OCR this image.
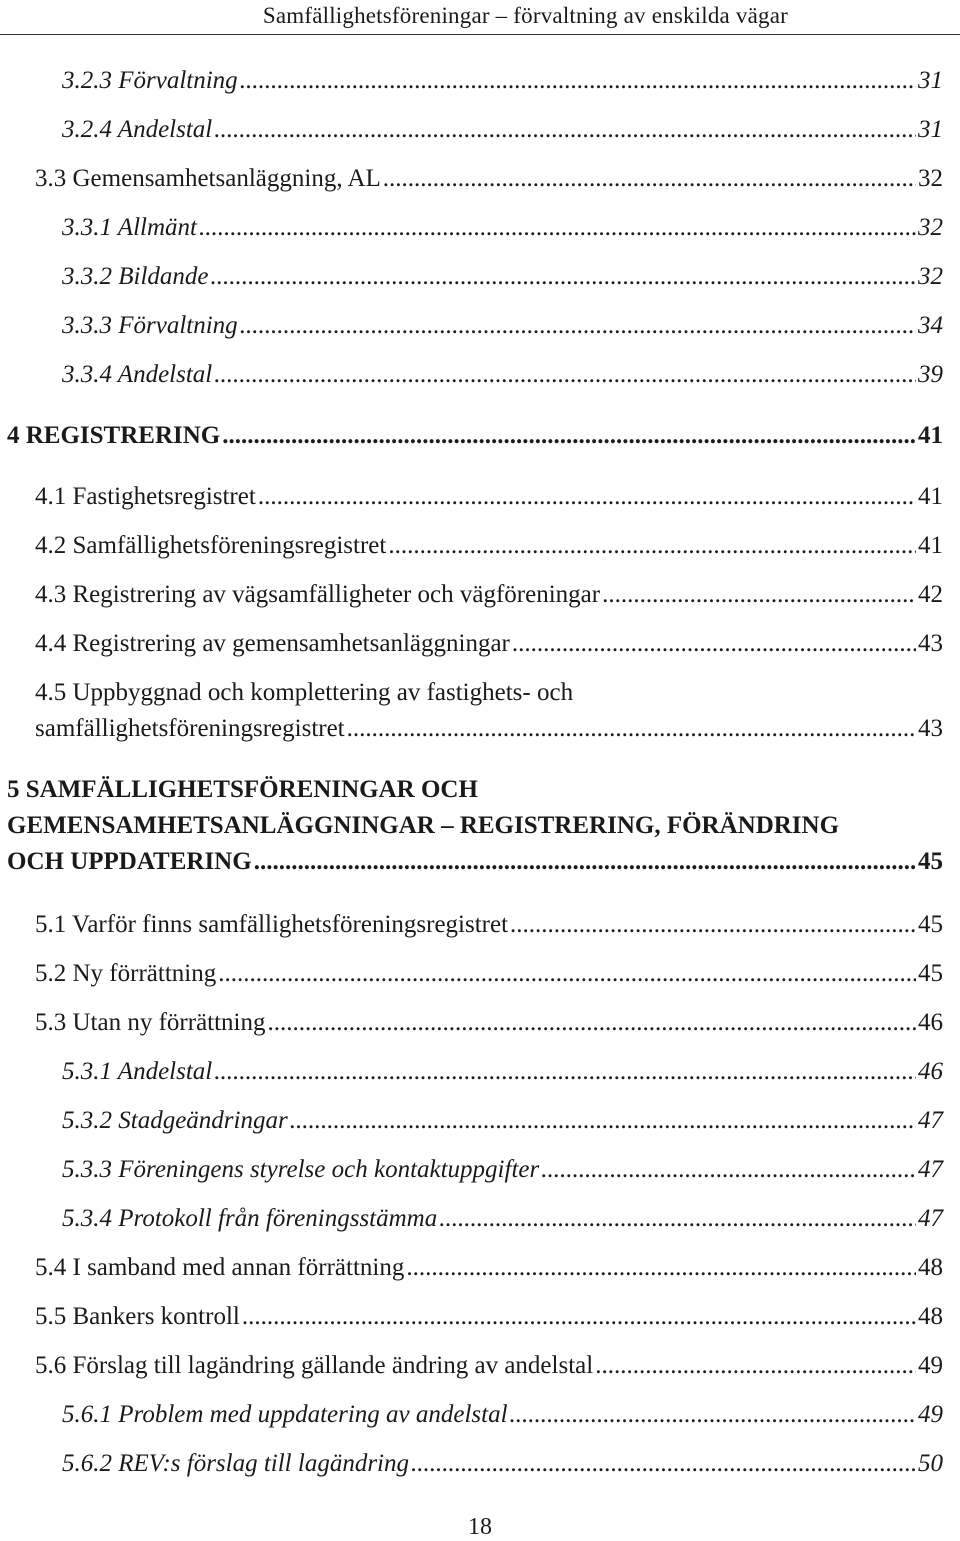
Samfällighetsföreningar – förvaltning av enskilda vägar
3.2.3 Förvaltning .....	31
3.2.4 Andelstal .....	31
3.3 Gemensamhetsanläggning, AL .....	32
3.3.1 Allmänt .....	32
3.3.2 Bildande .....	32
3.3.3 Förvaltning .....	34
3.3.4 Andelstal .....	39
4 REGISTRERING .....	41
4.1 Fastighetsregistret .....	41
4.2 Samfällighetsföreningsregistret .....	41
4.3 Registrering av vägsamfälligheter och vägföreningar .....	42
4.4 Registrering av gemensamhetsanläggningar .....	43
4.5 Uppbyggnad och komplettering av fastighets- och
samfällighetsföreningsregistret .....	43
5 SAMFÄLLIGHETSFÖRENINGAR OCH
GEMENSAMHETSANLÄGGNINGAR – REGISTRERING, FÖRÄNDRING
OCH UPPDATERING .....	45
5.1 Varför finns samfällighetsföreningsregistret .....	45
5.2 Ny förrättning .....	45
5.3 Utan ny förrättning .....	46
5.3.1 Andelstal .....	46
5.3.2 Stadgeändringar .....	47
5.3.3 Föreningens styrelse och kontaktuppgifter .....	47
5.3.4 Protokoll från föreningsstämma .....	47
5.4 I samband med annan förrättning .....	48
5.5 Bankers kontroll .....	48
5.6 Förslag till lagändring gällande ändring av andelstal .....	49
5.6.1 Problem med uppdatering av andelstal .....	49
5.6.2 REV:s förslag till lagändring .....	50
18
